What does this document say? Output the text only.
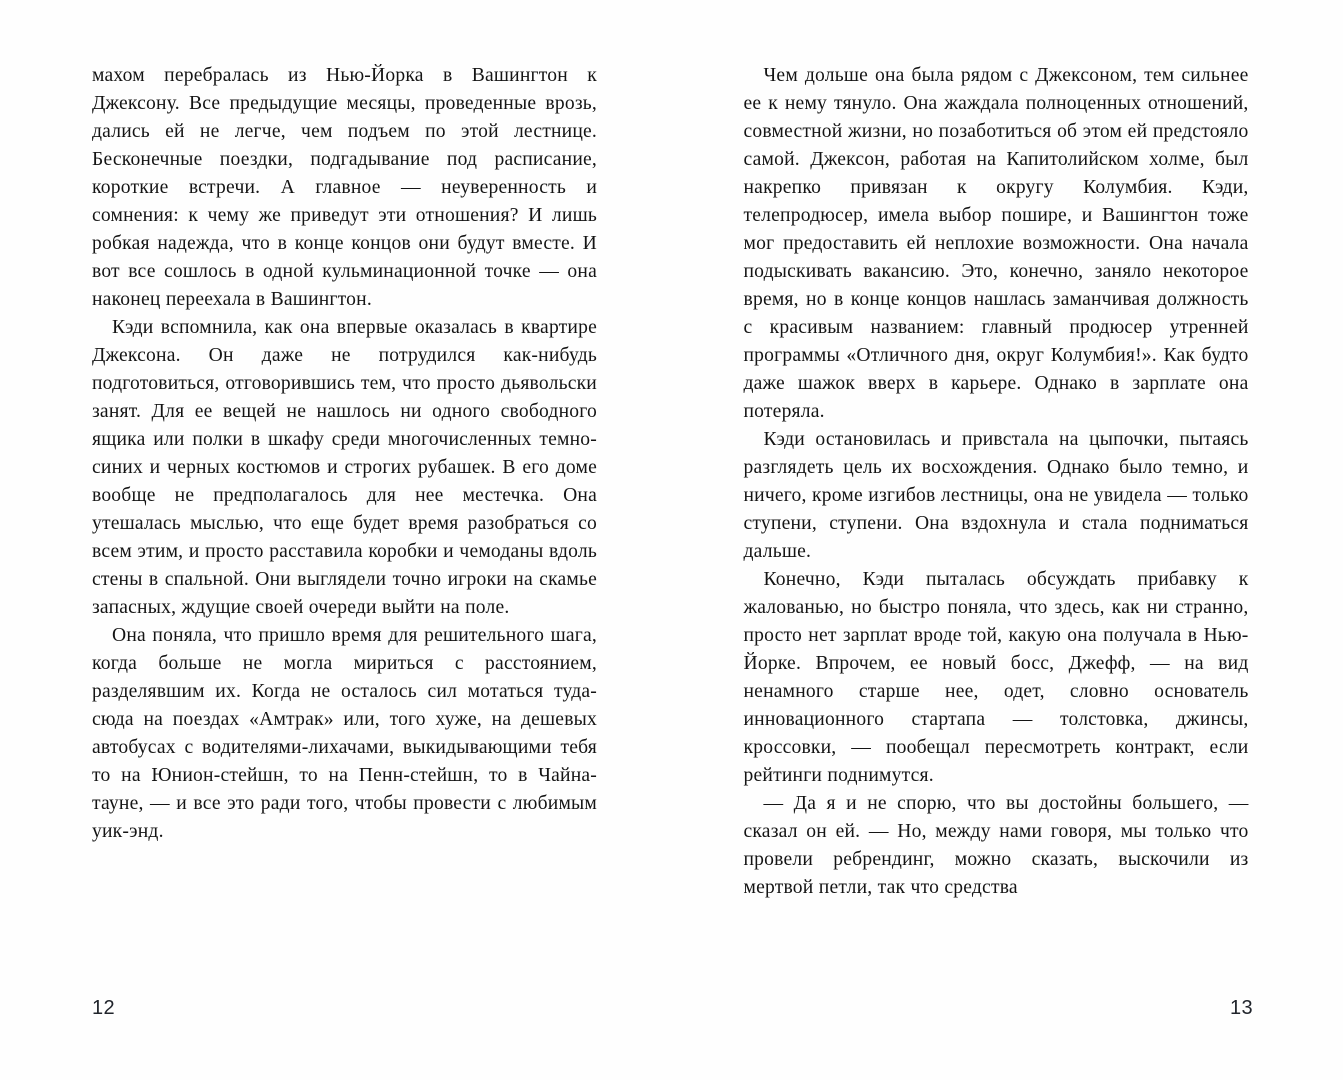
махом перебралась из Нью-Йорка в Вашингтон к Джексону. Все предыдущие месяцы, проведенные врозь, дались ей не легче, чем подъем по этой лестнице. Бесконечные поездки, подгадывание под расписание, короткие встречи. А главное — неуверенность и сомнения: к чему же приведут эти отношения? И лишь робкая надежда, что в конце концов они будут вместе. И вот все сошлось в одной кульминационной точке — она наконец переехала в Вашингтон.

Кэди вспомнила, как она впервые оказалась в квартире Джексона. Он даже не потрудился как-нибудь подготовиться, отговорившись тем, что просто дьявольски занят. Для ее вещей не нашлось ни одного свободного ящика или полки в шкафу среди многочисленных темно-синих и черных костюмов и строгих рубашек. В его доме вообще не предполагалось для нее местечка. Она утешалась мыслью, что еще будет время разобраться со всем этим, и просто расставила коробки и чемоданы вдоль стены в спальной. Они выглядели точно игроки на скамье запасных, ждущие своей очереди выйти на поле.

Она поняла, что пришло время для решительного шага, когда больше не могла мириться с расстоянием, разделявшим их. Когда не осталось сил мотаться туда-сюда на поездах «Амтрак» или, того хуже, на дешевых автобусах с водителями-лихачами, выкидывающими тебя то на Юнион-стейшн, то на Пенн-стейшн, то в Чайна-тауне, — и все это ради того, чтобы провести с любимым уик-энд.

12

Чем дольше она была рядом с Джексоном, тем сильнее ее к нему тянуло. Она жаждала полноценных отношений, совместной жизни, но позаботиться об этом ей предстояло самой. Джексон, работая на Капитолийском холме, был накрепко привязан к округу Колумбия. Кэди, телепродюсер, имела выбор пошире, и Вашингтон тоже мог предоставить ей неплохие возможности. Она начала подыскивать вакансию. Это, конечно, заняло некоторое время, но в конце концов нашлась заманчивая должность с красивым названием: главный продюсер утренней программы «Отличного дня, округ Колумбия!». Как будто даже шажок вверх в карьере. Однако в зарплате она потеряла.

Кэди остановилась и привстала на цыпочки, пытаясь разглядеть цель их восхождения. Однако было темно, и ничего, кроме изгибов лестницы, она не увидела — только ступени, ступени. Она вздохнула и стала подниматься дальше.

Конечно, Кэди пыталась обсуждать прибавку к жалованью, но быстро поняла, что здесь, как ни странно, просто нет зарплат вроде той, какую она получала в Нью-Йорке. Впрочем, ее новый босс, Джефф, — на вид ненамного старше нее, одет, словно основатель инновационного стартапа — толстовка, джинсы, кроссовки, — пообещал пересмотреть контракт, если рейтинги поднимутся.

— Да я и не спорю, что вы достойны большего, — сказал он ей. — Но, между нами говоря, мы только что провели ребрендинг, можно сказать, выскочили из мертвой петли, так что средства

13
